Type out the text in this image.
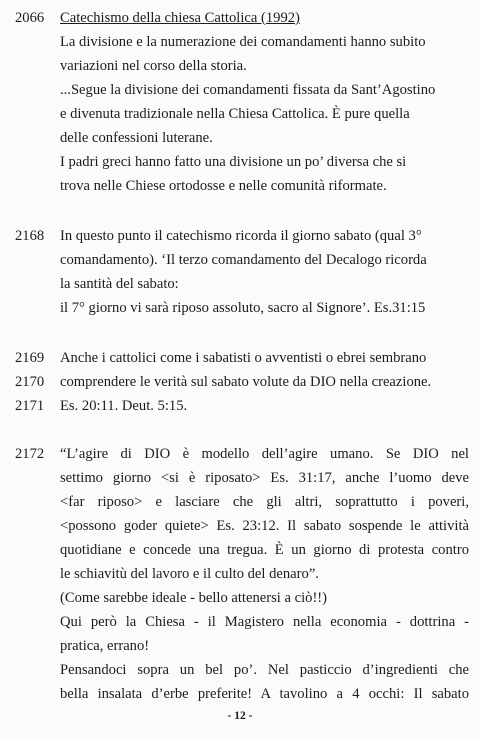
2066 Catechismo della chiesa Cattolica (1992)
La divisione e la numerazione dei comandamenti hanno subito
variazioni nel corso della storia.
...Segue la divisione dei comandamenti fissata da Sant’Agostino
e divenuta tradizionale nella Chiesa Cattolica. È pure quella
delle confessioni luterane.
I padri greci hanno fatto una divisione un po’ diversa che si
trova nelle Chiese ortodosse e nelle comunità riformate.
2168 In questo punto il catechismo ricorda il giorno sabato (qual 3°
comandamento). ‘Il terzo comandamento del Decalogo ricorda
la santità del sabato:
il 7° giorno vi sarà riposo assoluto, sacro al Signore’. Es.31:15
2169 Anche i cattolici come i sabatisti o avventisti o ebrei sembrano
2170 comprendere le verità sul sabato volute da DIO nella creazione.
2171 Es. 20:11. Deut. 5:15.
2172 “L’agire di DIO è modello dell’agire umano. Se DIO nel
settimo giorno <si è riposato> Es. 31:17, anche l’uomo deve
<far riposo> e lasciare che gli altri, soprattutto i poveri,
<possono goder quiete> Es. 23:12. Il sabato sospende le attività
quotidiane e concede una tregua. È un giorno di protesta contro
le schiavitù del lavoro e il culto del denaro”.
(Come sarebbe ideale - bello attenersi a ciò!!)
Qui però la Chiesa - il Magistero nella economia - dottrina -
pratica, errano!
Pensandoci sopra un bel po’. Nel pasticcio d’ingredienti che
bella insalata d’erbe preferite! A tavolino a 4 occhi: Il sabato
- 12 -
